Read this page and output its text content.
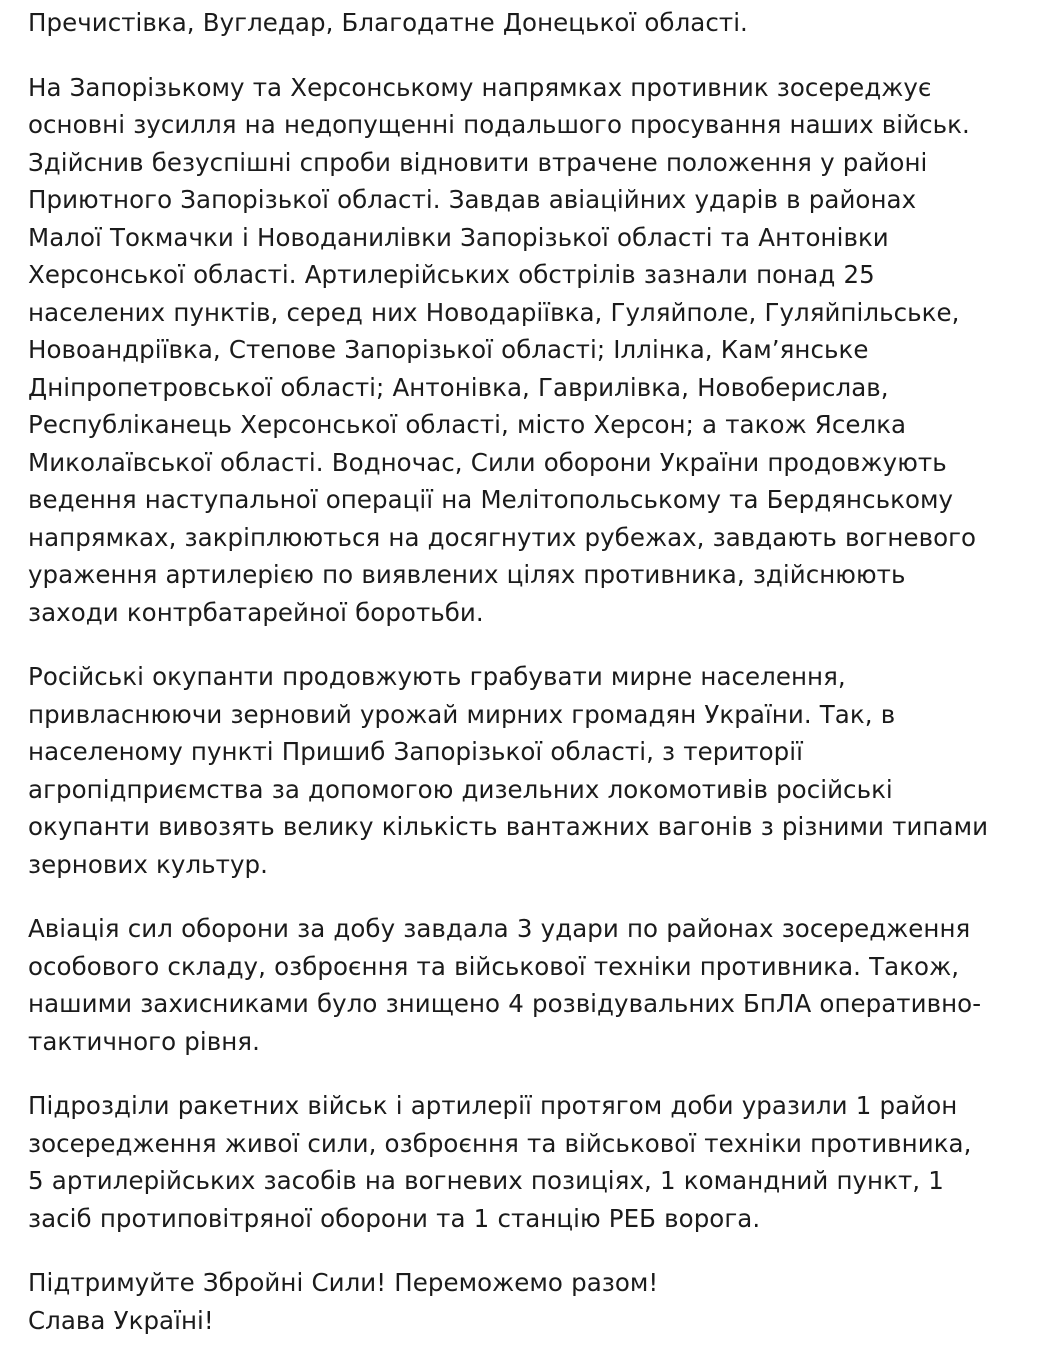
Пречистівка, Вугледар, Благодатне Донецької області.

На Запорізькому та Херсонському напрямках противник зосереджує основні зусилля на недопущенні подальшого просування наших військ. Здійснив безуспішні спроби відновити втрачене положення у районі Приютного Запорізької області. Завдав авіаційних ударів в районах Малої Токмачки і Новоданилівки Запорізької області та Антонівки Херсонської області. Артилерійських обстрілів зазнали понад 25 населених пунктів, серед них Новодаріївка, Гуляйполе, Гуляйпільське, Новоандріївка, Степове Запорізької області; Іллінка, Кам’янське Дніпропетровської області; Антонівка, Гаврилівка, Новоберислав, Республіканець Херсонської області, місто Херсон; а також Яселка Миколаївської області. Водночас, Сили оборони України продовжують ведення наступальної операції на Мелітопольському та Бердянському напрямках, закріплюються на досягнутих рубежах, завдають вогневого ураження артилерією по виявлених цілях противника, здійснюють заходи контрбатарейної боротьби.

Російські окупанти продовжують грабувати мирне населення, привласнюючи зерновий урожай мирних громадян України. Так, в населеному пункті Пришиб Запорізької області, з території агропідприємства за допомогою дизельних локомотивів російські окупанти вивозять велику кількість вантажних вагонів з різними типами зернових культур.

Авіація сил оборони за добу завдала 3 удари по районах зосередження особового складу, озброєння та військової техніки противника. Також, нашими захисниками було знищено 4 розвідувальних БпЛА оперативно-тактичного рівня.

Підрозділи ракетних військ і артилерії протягом доби уразили 1 район зосередження живої сили, озброєння та військової техніки противника, 5 артилерійських засобів на вогневих позиціях, 1 командний пункт, 1 засіб протиповітряної оборони та 1 станцію РЕБ ворога.

Підтримуйте Збройні Сили! Переможемо разом!
Слава Україні!
